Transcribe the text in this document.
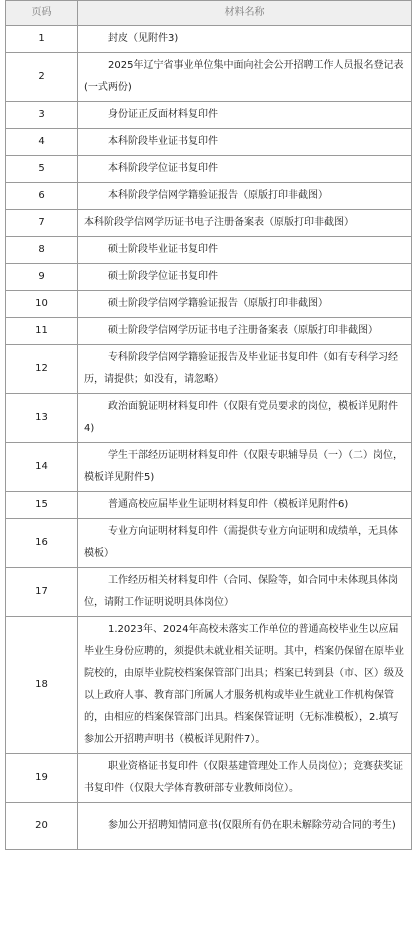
页码	材料名称
1	封皮（见附件3)
2	2025年辽宁省事业单位集中面向社会公开招聘工作人员报名登记表(一式两份)
3	身份证正反面材料复印件
4	本科阶段毕业证书复印件
5	本科阶段学位证书复印件
6	本科阶段学信网学籍验证报告（原版打印非截图）
7	本科阶段学信网学历证书电子注册备案表（原版打印非截图）
8	硕士阶段毕业证书复印件
9	硕士阶段学位证书复印件
10	硕士阶段学信网学籍验证报告（原版打印非截图）
11	硕士阶段学信网学历证书电子注册备案表（原版打印非截图）
12	专科阶段学信网学籍验证报告及毕业证书复印件（如有专科学习经历，请提供；如没有，请忽略）
13	政治面貌证明材料复印件（仅限有党员要求的岗位，模板详见附件4)
14	学生干部经历证明材料复印件（仅限专职辅导员（一）（二）岗位，模板详见附件5)
15	普通高校应届毕业生证明材料复印件（模板详见附件6)
16	专业方向证明材料复印件（需提供专业方向证明和成绩单，无具体模板）
17	工作经历相关材料复印件（合同、保险等，如合同中未体现具体岗位，请附工作证明说明具体岗位）
18	1.2023年、2024年高校未落实工作单位的普通高校毕业生以应届毕业生身份应聘的，须提供未就业相关证明。其中，档案仍保留在原毕业院校的，由原毕业院校档案保管部门出具；档案已转到县（市、区）级及以上政府人事、教育部门所属人才服务机构或毕业生就业工作机构保管的，由相应的档案保管部门出具。档案保管证明（无标准模板），2.填写参加公开招聘声明书（模板详见附件7）。
19	职业资格证书复印件（仅限基建管理处工作人员岗位）；竞赛获奖证书复印件（仅限大学体育教研部专业教师岗位）。
20	参加公开招聘知情同意书(仅限所有仍在职未解除劳动合同的考生)
